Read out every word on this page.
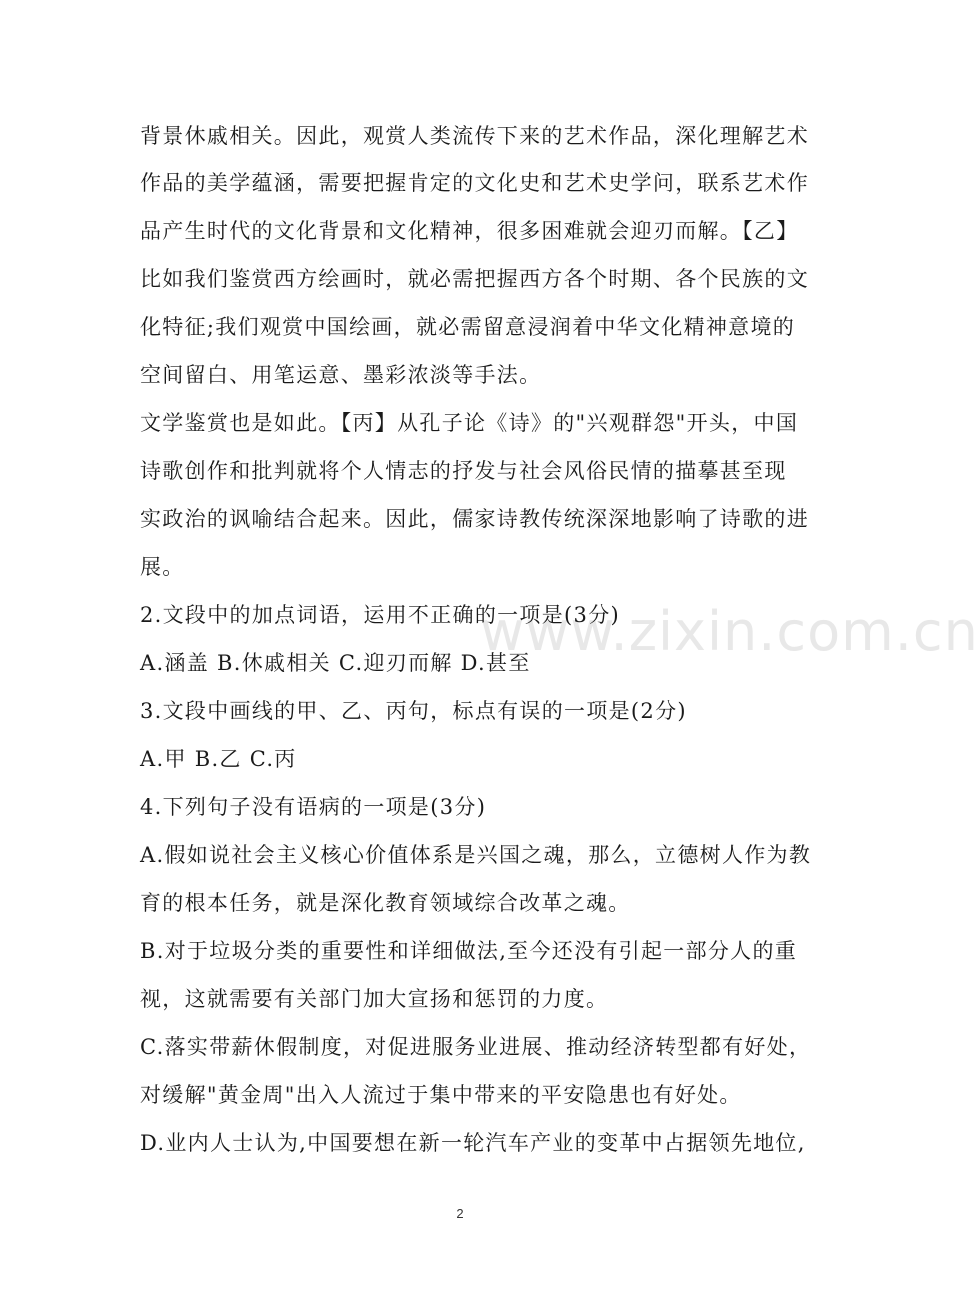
www.zixin.com.cn
背景休戚相关。因此，观赏人类流传下来的艺术作品，深化理解艺术
作品的美学蕴涵，需要把握肯定的文化史和艺术史学问，联系艺术作
品产生时代的文化背景和文化精神，很多困难就会迎刃而解。【乙】
比如我们鉴赏西方绘画时，就必需把握西方各个时期、各个民族的文
化特征;我们观赏中国绘画，就必需留意浸润着中华文化精神意境的
空间留白、用笔运意、墨彩浓淡等手法。
文学鉴赏也是如此。【丙】从孔子论《诗》的"兴观群怨"开头，中国
诗歌创作和批判就将个人情志的抒发与社会风俗民情的描摹甚至现
实政治的讽喻结合起来。因此，儒家诗教传统深深地影响了诗歌的进
展。
2.文段中的加点词语，运用不正确的一项是(3分)
A.涵盖 B.休戚相关 C.迎刃而解 D.甚至
3.文段中画线的甲、乙、丙句，标点有误的一项是(2分)
A.甲 B.乙 C.丙
4.下列句子没有语病的一项是(3分)
A.假如说社会主义核心价值体系是兴国之魂，那么，立德树人作为教
育的根本任务，就是深化教育领域综合改革之魂。
B.对于垃圾分类的重要性和详细做法,至今还没有引起一部分人的重
视，这就需要有关部门加大宣扬和惩罚的力度。
C.落实带薪休假制度，对促进服务业进展、推动经济转型都有好处，
对缓解"黄金周"出入人流过于集中带来的平安隐患也有好处。
D.业内人士认为,中国要想在新一轮汽车产业的变革中占据领先地位,
2
